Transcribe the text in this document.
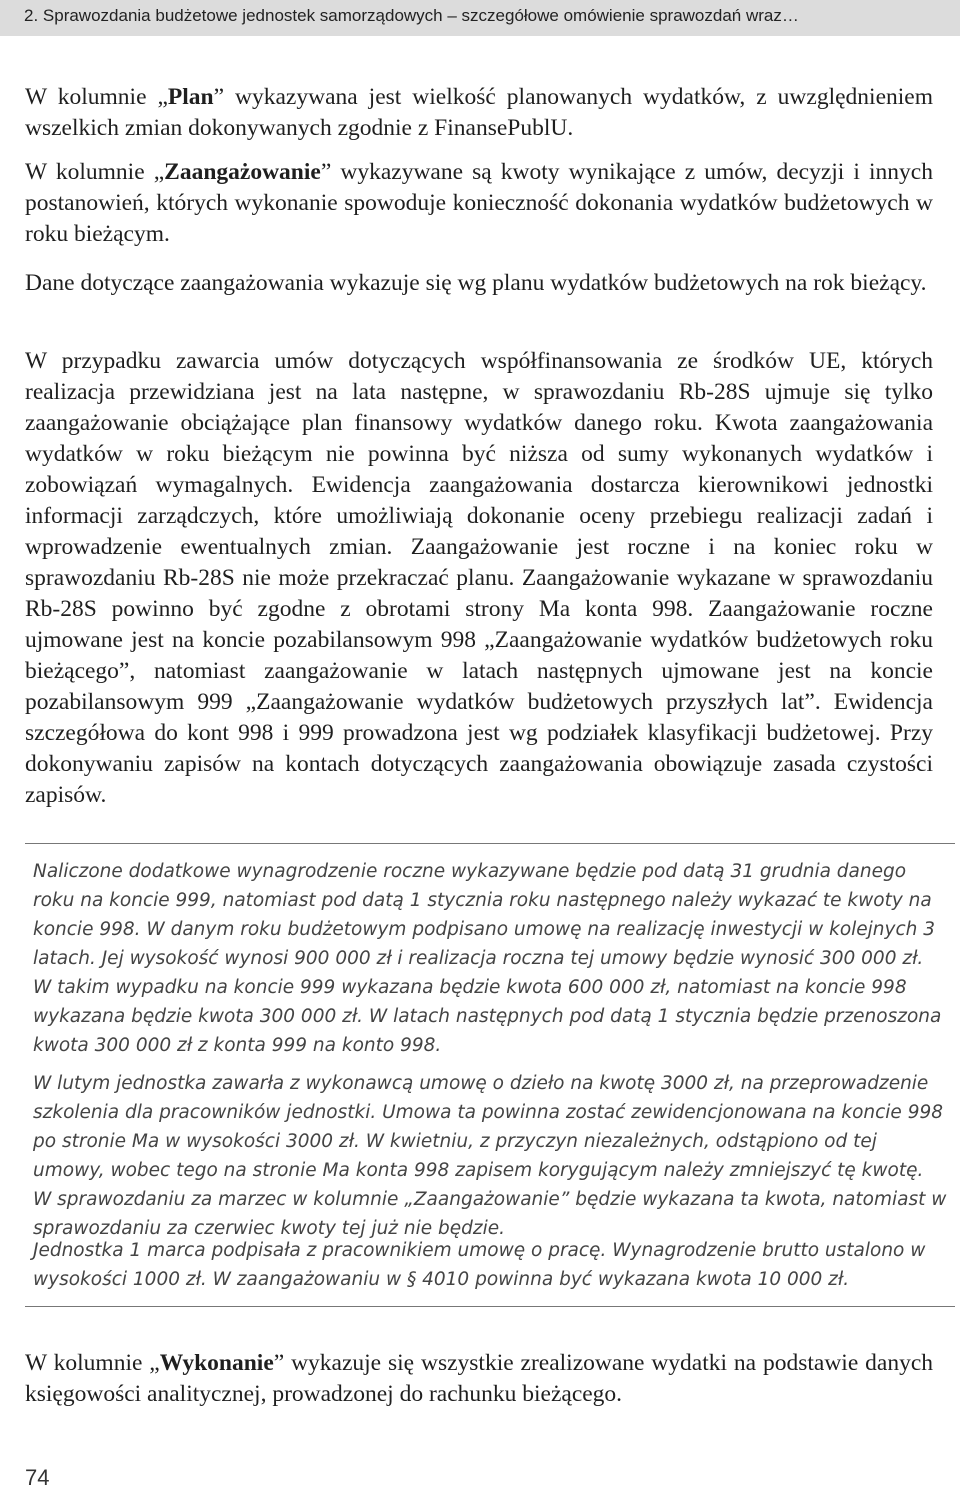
2. Sprawozdania budżetowe jednostek samorządowych – szczegółowe omówienie sprawozdań wraz…

W kolumnie „Plan” wykazywana jest wielkość planowanych wydatków, z uwzględnieniem wszelkich zmian dokonywanych zgodnie z FinansePublU.

W kolumnie „Zaangażowanie” wykazywane są kwoty wynikające z umów, decyzji i innych postanowień, których wykonanie spowoduje konieczność dokonania wydatków budżetowych w roku bieżącym.

Dane dotyczące zaangażowania wykazuje się wg planu wydatków budżetowych na rok bieżący.

W przypadku zawarcia umów dotyczących współfinansowania ze środków UE, których realizacja przewidziana jest na lata następne, w sprawozdaniu Rb-28S ujmuje się tylko zaangażowanie obciążające plan finansowy wydatków danego roku. Kwota zaangażowania wydatków w roku bieżącym nie powinna być niższa od sumy wykonanych wydatków i zobowiązań wymagalnych. Ewidencja zaangażowania dostarcza kierownikowi jednostki informacji zarządczych, które umożliwiają dokonanie oceny przebiegu realizacji zadań i wprowadzenie ewentualnych zmian. Zaangażowanie jest roczne i na koniec roku w sprawozdaniu Rb-28S nie może przekraczać planu. Zaangażowanie wykazane w sprawozdaniu Rb-28S powinno być zgodne z obrotami strony Ma konta 998. Zaangażowanie roczne ujmowane jest na koncie pozabilansowym 998 „Zaangażowanie wydatków budżetowych roku bieżącego”, natomiast zaangażowanie w latach następnych ujmowane jest na koncie pozabilansowym 999 „Zaangażowanie wydatków budżetowych przyszłych lat”. Ewidencja szczegółowa do kont 998 i 999 prowadzona jest wg podziałek klasyfikacji budżetowej. Przy dokonywaniu zapisów na kontach dotyczących zaangażowania obowiązuje zasada czystości zapisów.

Naliczone dodatkowe wynagrodzenie roczne wykazywane będzie pod datą 31 grudnia danego roku na koncie 999, natomiast pod datą 1 stycznia roku następnego należy wykazać te kwoty na koncie 998. W danym roku budżetowym podpisano umowę na realizację inwestycji w kolejnych 3 latach. Jej wysokość wynosi 900 000 zł i realizacja roczna tej umowy będzie wynosić 300 000 zł. W takim wypadku na koncie 999 wykazana będzie kwota 600 000 zł, natomiast na koncie 998 wykazana będzie kwota 300 000 zł. W latach następnych pod datą 1 stycznia będzie przenoszona kwota 300 000 zł z konta 999 na konto 998.

W lutym jednostka zawarła z wykonawcą umowę o dzieło na kwotę 3000 zł, na przeprowadzenie szkolenia dla pracowników jednostki. Umowa ta powinna zostać zewidencjonowana na koncie 998 po stronie Ma w wysokości 3000 zł. W kwietniu, z przyczyn niezależnych, odstąpiono od tej umowy, wobec tego na stronie Ma konta 998 zapisem korygującym należy zmniejszyć tę kwotę. W sprawozdaniu za marzec w kolumnie „Zaangażowanie” będzie wykazana ta kwota, natomiast w sprawozdaniu za czerwiec kwoty tej już nie będzie.

Jednostka 1 marca podpisała z pracownikiem umowę o pracę. Wynagrodzenie brutto ustalono w wysokości 1000 zł. W zaangażowaniu w § 4010 powinna być wykazana kwota 10 000 zł.

W kolumnie „Wykonanie” wykazuje się wszystkie zrealizowane wydatki na podstawie danych księgowości analitycznej, prowadzonej do rachunku bieżącego.

74
